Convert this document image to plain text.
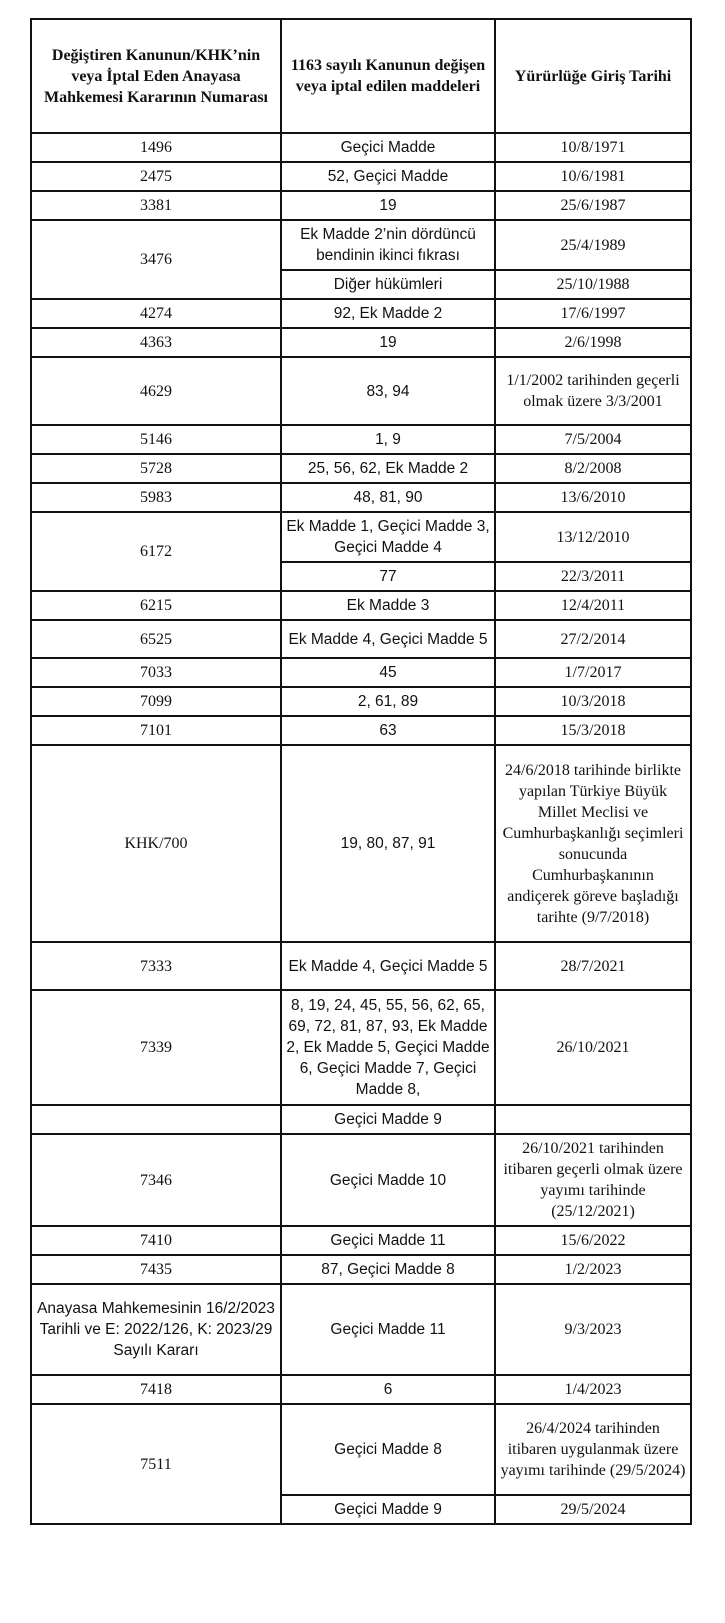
Değiştiren Kanunun/KHK’nin veya İptal Eden Anayasa Mahkemesi Kararının Numarası	1163 sayılı Kanunun değişen veya iptal edilen maddeleri	Yürürlüğe Giriş Tarihi
1496	Geçici Madde	10/8/1971
2475	52, Geçici Madde	10/6/1981
3381	19	25/6/1987
3476	Ek Madde 2’nin dördüncü bendinin ikinci fıkrası	25/4/1989
	Diğer hükümleri	25/10/1988
4274	92, Ek Madde 2	17/6/1997
4363	19	2/6/1998
4629	83, 94	1/1/2002 tarihinden geçerli olmak üzere 3/3/2001
5146	1, 9	7/5/2004
5728	25, 56, 62, Ek Madde 2	8/2/2008
5983	48, 81, 90	13/6/2010
6172	Ek Madde 1, Geçici Madde 3, Geçici Madde 4	13/12/2010
	77	22/3/2011
6215	Ek Madde 3	12/4/2011
6525	Ek Madde 4, Geçici Madde 5	27/2/2014
7033	45	1/7/2017
7099	2, 61, 89	10/3/2018
7101	63	15/3/2018
KHK/700	19, 80, 87, 91	24/6/2018 tarihinde birlikte yapılan Türkiye Büyük Millet Meclisi ve Cumhurbaşkanlığı seçimleri sonucunda Cumhurbaşkanının andiçerek göreve başladığı tarihte (9/7/2018)
7333	Ek Madde 4, Geçici Madde 5	28/7/2021
7339	8, 19, 24, 45, 55, 56, 62, 65, 69, 72, 81, 87, 93, Ek Madde 2, Ek Madde 5, Geçici Madde 6, Geçici Madde 7, Geçici Madde 8,	26/10/2021
	Geçici Madde 9	
7346	Geçici Madde 10	26/10/2021 tarihinden itibaren geçerli olmak üzere yayımı tarihinde (25/12/2021)
7410	Geçici Madde 11	15/6/2022
7435	87, Geçici Madde 8	1/2/2023
Anayasa Mahkemesinin 16/2/2023 Tarihli ve E: 2022/126, K: 2023/29 Sayılı Kararı	Geçici Madde 11	9/3/2023
7418	6	1/4/2023
7511	Geçici Madde 8	26/4/2024 tarihinden itibaren uygulanmak üzere yayımı tarihinde (29/5/2024)
	Geçici Madde 9	29/5/2024
